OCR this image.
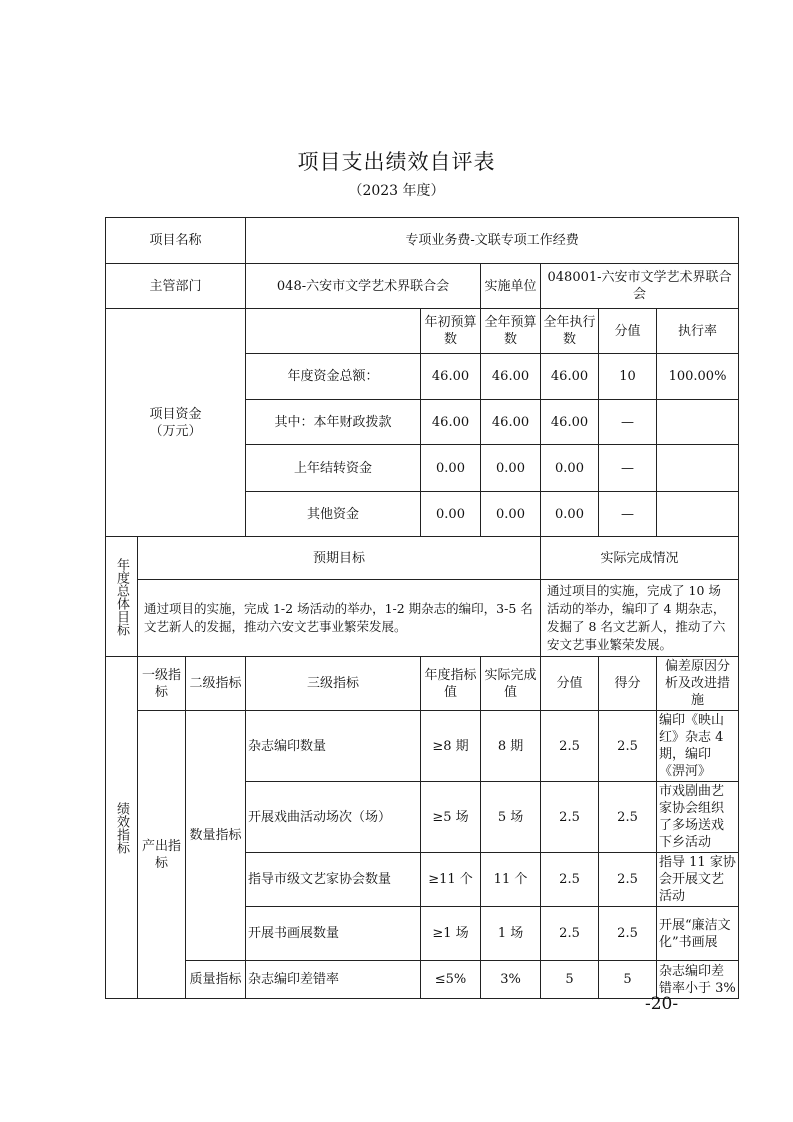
项目支出绩效自评表
（2023 年度）
项目名称			专项业务费-文联专项工作经费					
主管部门			048-六安市文学艺术界联合会		实施单位	048001-六安市文学艺术界联合会		
项目资金
（万元）				年初预算数	全年预算数	全年执行数	分值	执行率
			年度资金总额：	46.00	46.00	46.00	10	100.00%
			其中：本年财政拨款	46.00	46.00	46.00	—	
			上年结转资金	0.00	0.00	0.00	—	
			其他资金	0.00	0.00	0.00	—	
年度总体目标	预期目标					实际完成情况		
	通过项目的实施，完成 1-2 场活动的举办，1-2 期杂志的编印，3-5 名文艺新人的发掘，推动六安文艺事业繁荣发展。					通过项目的实施，完成了 10 场活动的举办，编印了 4 期杂志，发掘了 8 名文艺新人，推动了六安文艺事业繁荣发展。		
绩效指标	一级指标	二级指标	三级指标	年度指标值	实际完成值	分值	得分	偏差原因分析及改进措施
	产出指标	数量指标	杂志编印数量	≥8 期	8 期	2.5	2.5	编印《映山红》杂志 4 期，编印《淠河》
			开展戏曲活动场次（场）	≥5 场	5 场	2.5	2.5	市戏剧曲艺家协会组织了多场送戏下乡活动
			指导市级文艺家协会数量	≥11 个	11 个	2.5	2.5	指导 11 家协会开展文艺活动
			开展书画展数量	≥1 场	1 场	2.5	2.5	开展“廉洁文化”书画展
		质量指标	杂志编印差错率	≤5%	3%	5	5	杂志编印差错率小于 3%
-20-
